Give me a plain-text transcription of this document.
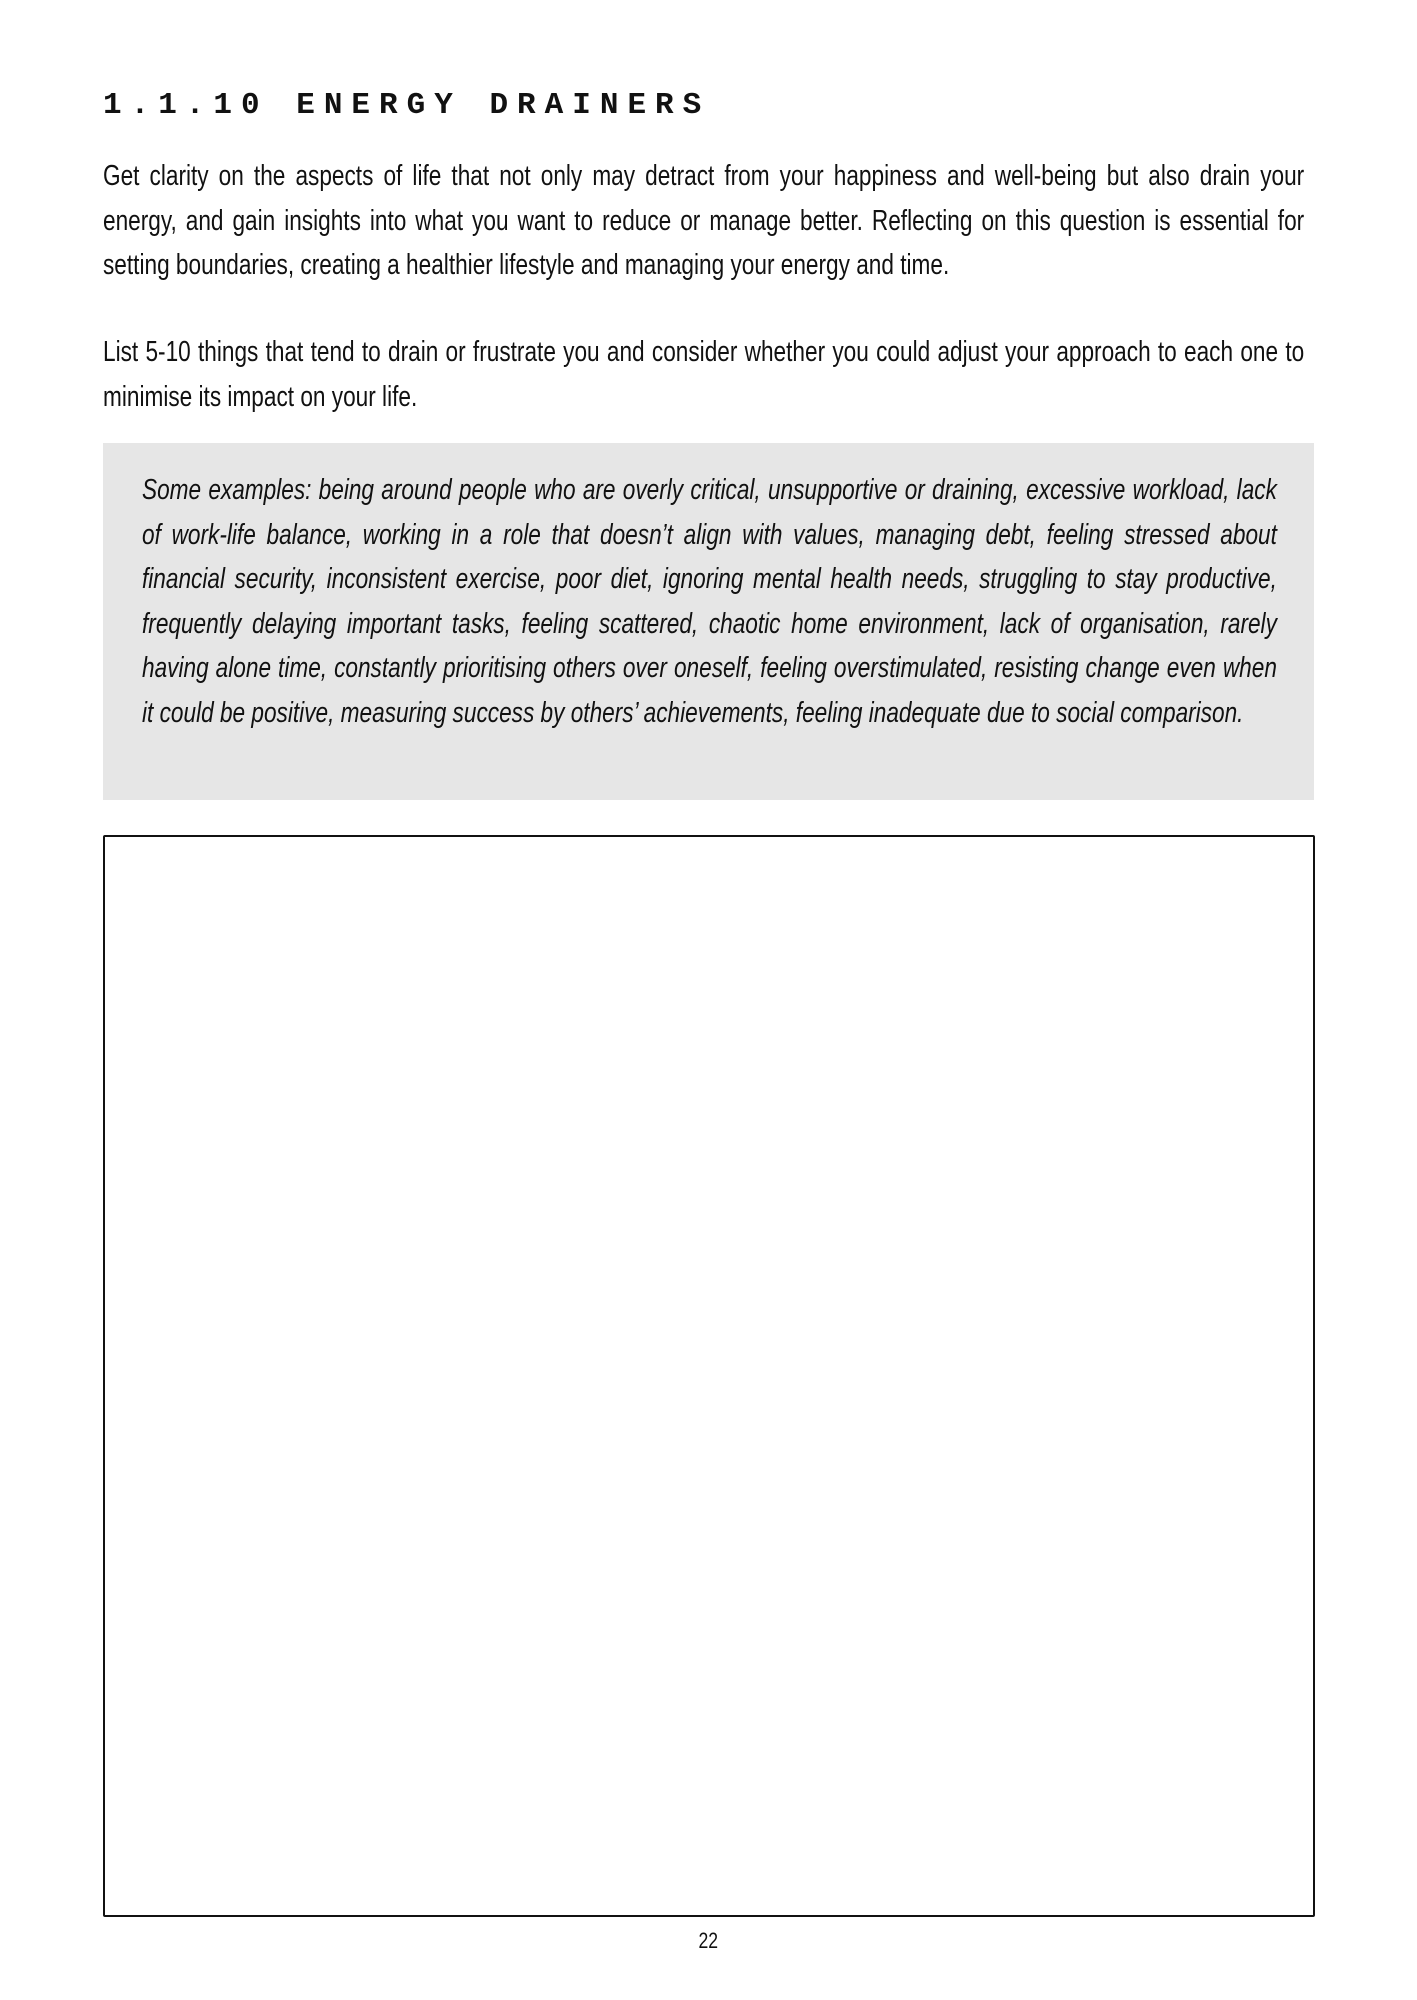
1.1.10 ENERGY DRAINERS

Get clarity on the aspects of life that not only may detract from your happiness and well-being but also drain your energy, and gain insights into what you want to reduce or manage better. Reflecting on this question is essential for setting boundaries, creating a healthier lifestyle and managing your energy and time.

List 5-10 things that tend to drain or frustrate you and consider whether you could adjust your approach to each one to minimise its impact on your life.

Some examples: being around people who are overly critical, unsupportive or draining, excessive workload, lack of work-life balance, working in a role that doesn’t align with values, managing debt, feeling stressed about financial security, inconsistent exercise, poor diet, ignoring mental health needs, struggling to stay productive, frequently delaying important tasks, feeling scattered, chaotic home environment, lack of organisation, rarely having alone time, constantly prioritising others over oneself, feeling overstimulated, resisting change even when it could be positive, measuring success by others’ achievements, feeling inadequate due to social comparison.

22
